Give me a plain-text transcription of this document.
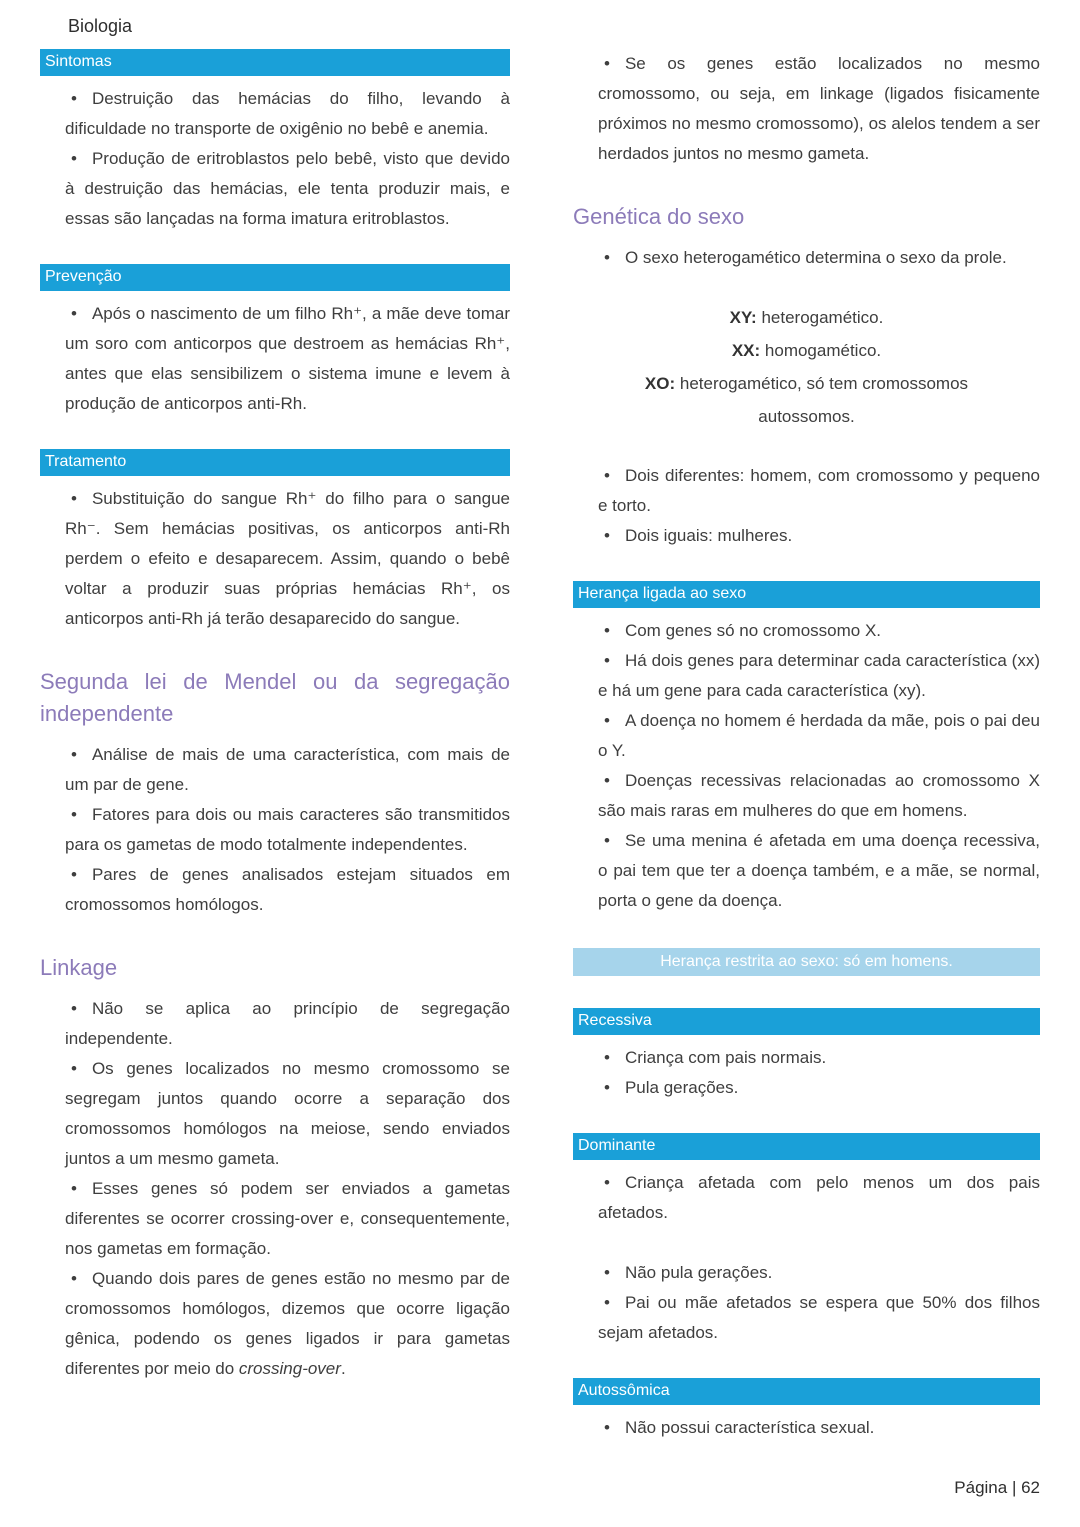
Biologia
Sintomas

• Destruição das hemácias do filho, levando à dificuldade no transporte de oxigênio no bebê e anemia.

• Produção de eritroblastos pelo bebê, visto que devido à destruição das hemácias, ele tenta produzir mais, e essas são lançadas na forma imatura eritroblastos.

Prevenção

• Após o nascimento de um filho Rh⁺, a mãe deve tomar um soro com anticorpos que destroem as hemácias Rh⁺, antes que elas sensibilizem o sistema imune e levem à produção de anticorpos anti-Rh.

Tratamento

• Substituição do sangue Rh⁺ do filho para o sangue Rh⁻. Sem hemácias positivas, os anticorpos anti-Rh perdem o efeito e desaparecem. Assim, quando o bebê voltar a produzir suas próprias hemácias Rh⁺, os anticorpos anti-Rh já terão desaparecido do sangue.

Segunda lei de Mendel ou da segregação independente

• Análise de mais de uma característica, com mais de um par de gene.

• Fatores para dois ou mais caracteres são transmitidos para os gametas de modo totalmente independentes.

• Pares de genes analisados estejam situados em cromossomos homólogos.

Linkage

• Não se aplica ao princípio de segregação independente.

• Os genes localizados no mesmo cromossomo se segregam juntos quando ocorre a separação dos cromossomos homólogos na meiose, sendo enviados juntos a um mesmo gameta.

• Esses genes só podem ser enviados a gametas diferentes se ocorrer crossing-over e, consequentemente, nos gametas em formação.

• Quando dois pares de genes estão no mesmo par de cromossomos homólogos, dizemos que ocorre ligação gênica, podendo os genes ligados ir para gametas diferentes por meio do crossing-over.

• Se os genes estão localizados no mesmo cromossomo, ou seja, em linkage (ligados fisicamente próximos no mesmo cromossomo), os alelos tendem a ser herdados juntos no mesmo gameta.

Genética do sexo

• O sexo heterogamético determina o sexo da prole.

XY: heterogamético.

XX: homogamético.

XO: heterogamético, só tem cromossomos autossomos.

• Dois diferentes: homem, com cromossomo y pequeno e torto.

• Dois iguais: mulheres.

Herança ligada ao sexo

• Com genes só no cromossomo X.

• Há dois genes para determinar cada característica (xx) e há um gene para cada característica (xy).

• A doença no homem é herdada da mãe, pois o pai deu o Y.

• Doenças recessivas relacionadas ao cromossomo X são mais raras em mulheres do que em homens.

• Se uma menina é afetada em uma doença recessiva, o pai tem que ter a doença também, e a mãe, se normal, porta o gene da doença.

Herança restrita ao sexo: só em homens.
Recessiva

• Criança com pais normais.

• Pula gerações.

Dominante

• Criança afetada com pelo menos um dos pais afetados.

• Não pula gerações.

• Pai ou mãe afetados se espera que 50% dos filhos sejam afetados.

Autossômica

• Não possui característica sexual.

Página | 62
